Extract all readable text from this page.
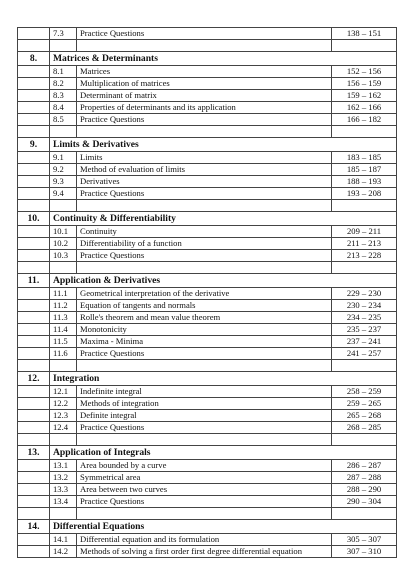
	7.3	Practice Questions	138 – 151

8.	Matrices & Determinants		
	8.1	Matrices	152 – 156
	8.2	Multiplication of matrices	156 – 159
	8.3	Determinant of matrix	159 – 162
	8.4	Properties of determinants and its application	162 – 166
	8.5	Practice Questions	166 – 182

9.	Limits & Derivatives		
	9.1	Limits	183 – 185
	9.2	Method of evaluation of limits	185 – 187
	9.3	Derivatives	188 – 193
	9.4	Practice Questions	193 – 208

10.	Continuity & Differentiability		
	10.1	Continuity	209 – 211
	10.2	Differentiability of a function	211 – 213
	10.3	Practice Questions	213 – 228

11.	Application & Derivatives		
	11.1	Geometrical interpretation of the derivative	229 – 230
	11.2	Equation of tangents and normals	230 – 234
	11.3	Rolle's theorem and mean value theorem	234 – 235
	11.4	Monotonicity	235 – 237
	11.5	Maxima - Minima	237 – 241
	11.6	Practice Questions	241 – 257

12.	Integration		
	12.1	Indefinite integral	258 – 259
	12.2	Methods of integration	259 – 265
	12.3	Definite integral	265 – 268
	12.4	Practice Questions	268 – 285

13.	Application of Integrals		
	13.1	Area bounded by a curve	286 – 287
	13.2	Symmetrical area	287 – 288
	13.3	Area between two curves	288 – 290
	13.4	Practice Questions	290 – 304

14.	Differential Equations		
	14.1	Differential equation and its formulation	305 – 307
	14.2	Methods of solving a first order first degree differential equation	307 – 310
